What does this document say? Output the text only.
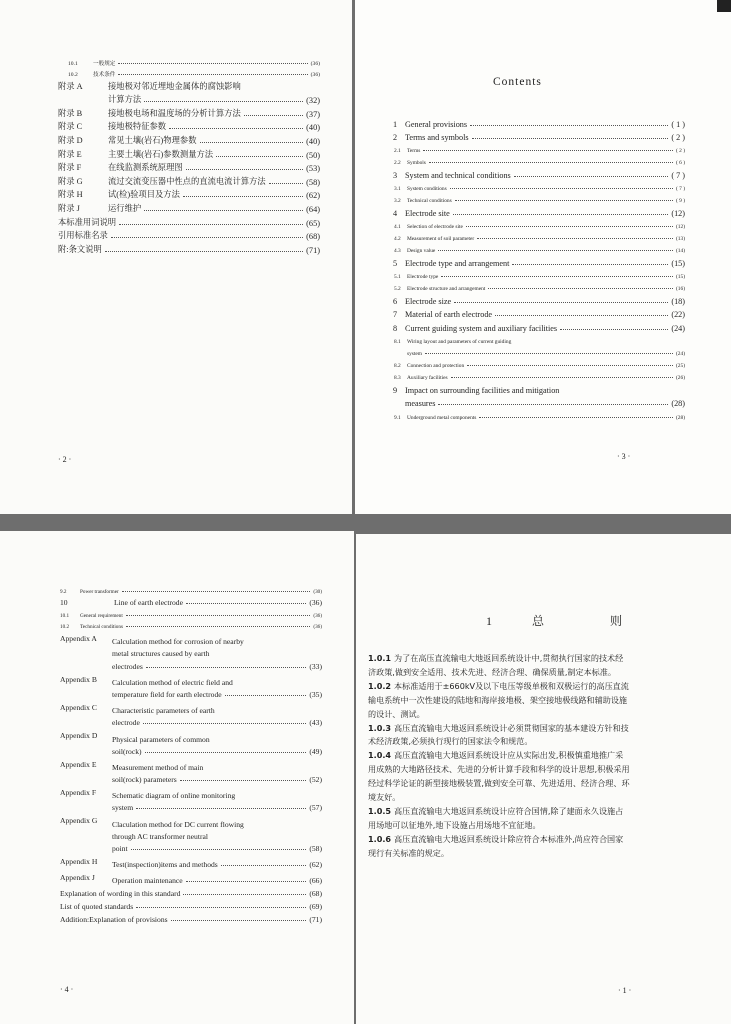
10.1	一般规定	(36)
10.2	技术条件	(36)
附录 A	接地极对邻近埋地金属体的腐蚀影响
计算方法	(32)
附录 B	接地极电场和温度场的分析计算方法	(37)
附录 C	接地极特征参数	(40)
附录 D	常见土壤(岩石)物理参数	(40)
附录 E	主要土壤(岩石)参数测量方法	(50)
附录 F	在线监测系统原理图	(53)
附录 G	流过交流变压器中性点的直流电流计算方法	(58)
附录 H	试(检)验项目及方法	(62)
附录 J	运行维护	(64)
本标准用词说明	(65)
引用标准名录	(68)
附:条文说明	(71)
· 2 ·
Contents
1 General provisions	( 1 )
2 Terms and symbols	( 2 )
2.1	Terms	( 2 )
2.2	Symbols	( 6 )
3 System and technical conditions	( 7 )
3.1	System conditions	( 7 )
3.2	Technical conditions	( 9 )
4 Electrode site	(12)
4.1	Selection of electrode site	(12)
4.2	Measurement of soil parameter	(13)
4.3	Design value	(14)
5 Electrode type and arrangement	(15)
5.1	Electrode type	(15)
5.2	Electrode structure and arrangement	(16)
6 Electrode size	(18)
7 Material of earth electrode	(22)
8 Current guiding system and auxiliary facilities	(24)
8.1	Wiring layout and parameters of current guiding
system	(24)
8.2	Connection and protection	(25)
8.3	Auxiliary facilities	(26)
9 Impact on surrounding facilities and mitigation
measures	(28)
9.1	Underground metal components	(28)
· 3 ·
9.2	Power transformer	(30)
10	Line of earth electrode	(36)
10.1	General requirement	(36)
10.2	Technical conditions	(36)
Appendix A	Calculation method for corrosion of nearby
metal structures caused by earth
electrodes	(33)
Appendix B	Calculation method of electric field and
temperature field for earth electrode	(35)
Appendix C	Characteristic parameters of earth
electrode	(43)
Appendix D	Physical parameters of common
soil(rock)	(49)
Appendix E	Measurement method of main
soil(rock) parameters	(52)
Appendix F	Schematic diagram of online monitoring
system	(57)
Appendix G	Claculation method for DC current flowing
through AC transformer neutral
point	(58)
Appendix H	Test(inspection)items and methods	(62)
Appendix J	Operation maintenance	(66)
Explanation of wording in this standard	(68)
List of quoted standards	(69)
Addition:Explanation of provisions	(71)
· 4 ·
1　总　　则

1.0.1 为了在高压直流输电大地返回系统设计中,贯彻执行国家的技术经济政策,做到安全适用、技术先进、经济合理、确保质量,制定本标准。

1.0.2 本标准适用于±660kV及以下电压等级单极和双极运行的高压直流输电系统中一次性建设的陆地和海岸接地极、架空接地极线路和辅助设施的设计、测试。

1.0.3 高压直流输电大地返回系统设计必须贯彻国家的基本建设方针和技术经济政策,必须执行现行的国家法令和规范。

1.0.4 高压直流输电大地返回系统设计应从实际出发,积极慎重地推广采用成熟的大地路径技术、先进的分析计算手段和科学的设计思想,积极采用经过科学论证的新型接地极装置,做到安全可靠、先进适用、经济合理、环境友好。

1.0.5 高压直流输电大地返回系统设计应符合国情,除了建面永久设施占用场地可以征地外,地下设施占用场地不宜征地。

1.0.6 高压直流输电大地返回系统设计除应符合本标准外,尚应符合国家现行有关标准的规定。

· 1 ·
